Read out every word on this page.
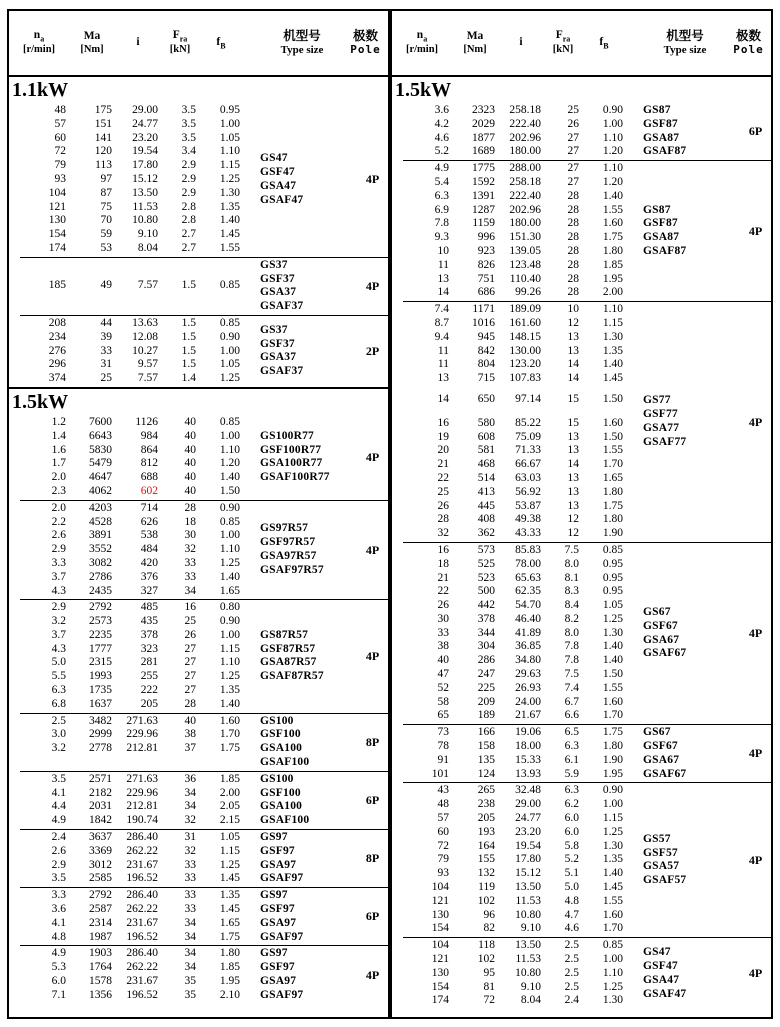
$n_a$
[r/min]
Ma
[Nm]
i
$F_{ra}$
[kN]
$f_B$
机型号
Type size
极数
Pole
1.1kW
48	175	29.00	3.5	0.95
57	151	24.77	3.5	1.00
60	141	23.20	3.5	1.05
72	120	19.54	3.4	1.10
79	113	17.80	2.9	1.15
93	97	15.12	2.9	1.25
104	87	13.50	2.9	1.30
121	75	11.53	2.8	1.35
130	70	10.80	2.8	1.40
154	59	9.10	2.7	1.45
174	53	8.04	2.7	1.55
GS47
GSF47
GSA47
GSAF47
4P
185	49	7.57	1.5	0.85
GS37
GSF37
GSA37
GSAF37
4P
208	44	13.63	1.5	0.85
234	39	12.08	1.5	0.90
276	33	10.27	1.5	1.00
296	31	9.57	1.5	1.05
374	25	7.57	1.4	1.25
GS37
GSF37
GSA37
GSAF37
2P
1.5kW
1.2	7600	1126	40	0.85
1.4	6643	984	40	1.00
1.6	5830	864	40	1.10
1.7	5479	812	40	1.20
2.0	4647	688	40	1.40
2.3	4062	602	40	1.50
GS100R77
GSF100R77
GSA100R77
GSAF100R77
4P
2.0	4203	714	28	0.90
2.2	4528	626	18	0.85
2.6	3891	538	30	1.00
2.9	3552	484	32	1.10
3.3	3082	420	33	1.25
3.7	2786	376	33	1.40
4.3	2435	327	34	1.65
GS97R57
GSF97R57
GSA97R57
GSAF97R57
4P
2.9	2792	485	16	0.80
3.2	2573	435	25	0.90
3.7	2235	378	26	1.00
4.3	1777	323	27	1.15
5.0	2315	281	27	1.10
5.5	1993	255	27	1.25
6.3	1735	222	27	1.35
6.8	1637	205	28	1.40
GS87R57
GSF87R57
GSA87R57
GSAF87R57
4P
2.5	3482	271.63	40	1.60
3.0	2999	229.96	38	1.70
3.2	2778	212.81	37	1.75
GS100
GSF100
GSA100
GSAF100
8P
3.5	2571	271.63	36	1.85
4.1	2182	229.96	34	2.00
4.4	2031	212.81	34	2.05
4.9	1842	190.74	32	2.15
GS100
GSF100
GSA100
GSAF100
6P
2.4	3637	286.40	31	1.05
2.6	3369	262.22	32	1.15
2.9	3012	231.67	33	1.25
3.5	2585	196.52	33	1.45
GS97
GSF97
GSA97
GSAF97
8P
3.3	2792	286.40	33	1.35
3.6	2587	262.22	33	1.45
4.1	2314	231.67	34	1.65
4.8	1987	196.52	34	1.75
GS97
GSF97
GSA97
GSAF97
6P
4.9	1903	286.40	34	1.80
5.3	1764	262.22	34	1.85
6.0	1578	231.67	35	1.95
7.1	1356	196.52	35	2.10
GS97
GSF97
GSA97
GSAF97
4P
$n_a$
[r/min]
Ma
[Nm]
i
$F_{ra}$
[kN]
$f_B$
机型号
Type size
极数
Pole
1.5kW
3.6	2323	258.18	25	0.90
4.2	2029	222.40	26	1.00
4.6	1877	202.96	27	1.10
5.2	1689	180.00	27	1.20
GS87
GSF87
GSA87
GSAF87
6P
4.9	1775	288.00	27	1.10
5.4	1592	258.18	27	1.20
6.3	1391	222.40	28	1.40
6.9	1287	202.96	28	1.55
7.8	1159	180.00	28	1.60
9.3	996	151.30	28	1.75
10	923	139.05	28	1.80
11	826	123.48	28	1.85
13	751	110.40	28	1.95
14	686	99.26	28	2.00
GS87
GSF87
GSA87
GSAF87
4P
7.4	1171	189.09	10	1.10
8.7	1016	161.60	12	1.15
9.4	945	148.15	13	1.30
11	842	130.00	13	1.35
11	804	123.20	14	1.40
13	715	107.83	14	1.45
14	650	97.14	15	1.50
16	580	85.22	15	1.60
19	608	75.09	13	1.50
20	581	71.33	13	1.55
21	468	66.67	14	1.70
22	514	63.03	13	1.65
25	413	56.92	13	1.80
26	445	53.87	13	1.75
28	408	49.38	12	1.80
32	362	43.33	12	1.90
GS77
GSF77
GSA77
GSAF77
4P
16	573	85.83	7.5	0.85
18	525	78.00	8.0	0.95
21	523	65.63	8.1	0.95
22	500	62.35	8.3	0.95
26	442	54.70	8.4	1.05
30	378	46.40	8.2	1.25
33	344	41.89	8.0	1.30
38	304	36.85	7.8	1.40
40	286	34.80	7.8	1.40
47	247	29.63	7.5	1.50
52	225	26.93	7.4	1.55
58	209	24.00	6.7	1.60
65	189	21.67	6.6	1.70
GS67
GSF67
GSA67
GSAF67
4P
73	166	19.06	6.5	1.75
78	158	18.00	6.3	1.80
91	135	15.33	6.1	1.90
101	124	13.93	5.9	1.95
GS67
GSF67
GSA67
GSAF67
4P
43	265	32.48	6.3	0.90
48	238	29.00	6.2	1.00
57	205	24.77	6.0	1.15
60	193	23.20	6.0	1.25
72	164	19.54	5.8	1.30
79	155	17.80	5.2	1.35
93	132	15.12	5.1	1.40
104	119	13.50	5.0	1.45
121	102	11.53	4.8	1.55
130	96	10.80	4.7	1.60
154	82	9.10	4.6	1.70
GS57
GSF57
GSA57
GSAF57
4P
104	118	13.50	2.5	0.85
121	102	11.53	2.5	1.00
130	95	10.80	2.5	1.10
154	81	9.10	2.5	1.25
174	72	8.04	2.4	1.30
GS47
GSF47
GSA47
GSAF47
4P
